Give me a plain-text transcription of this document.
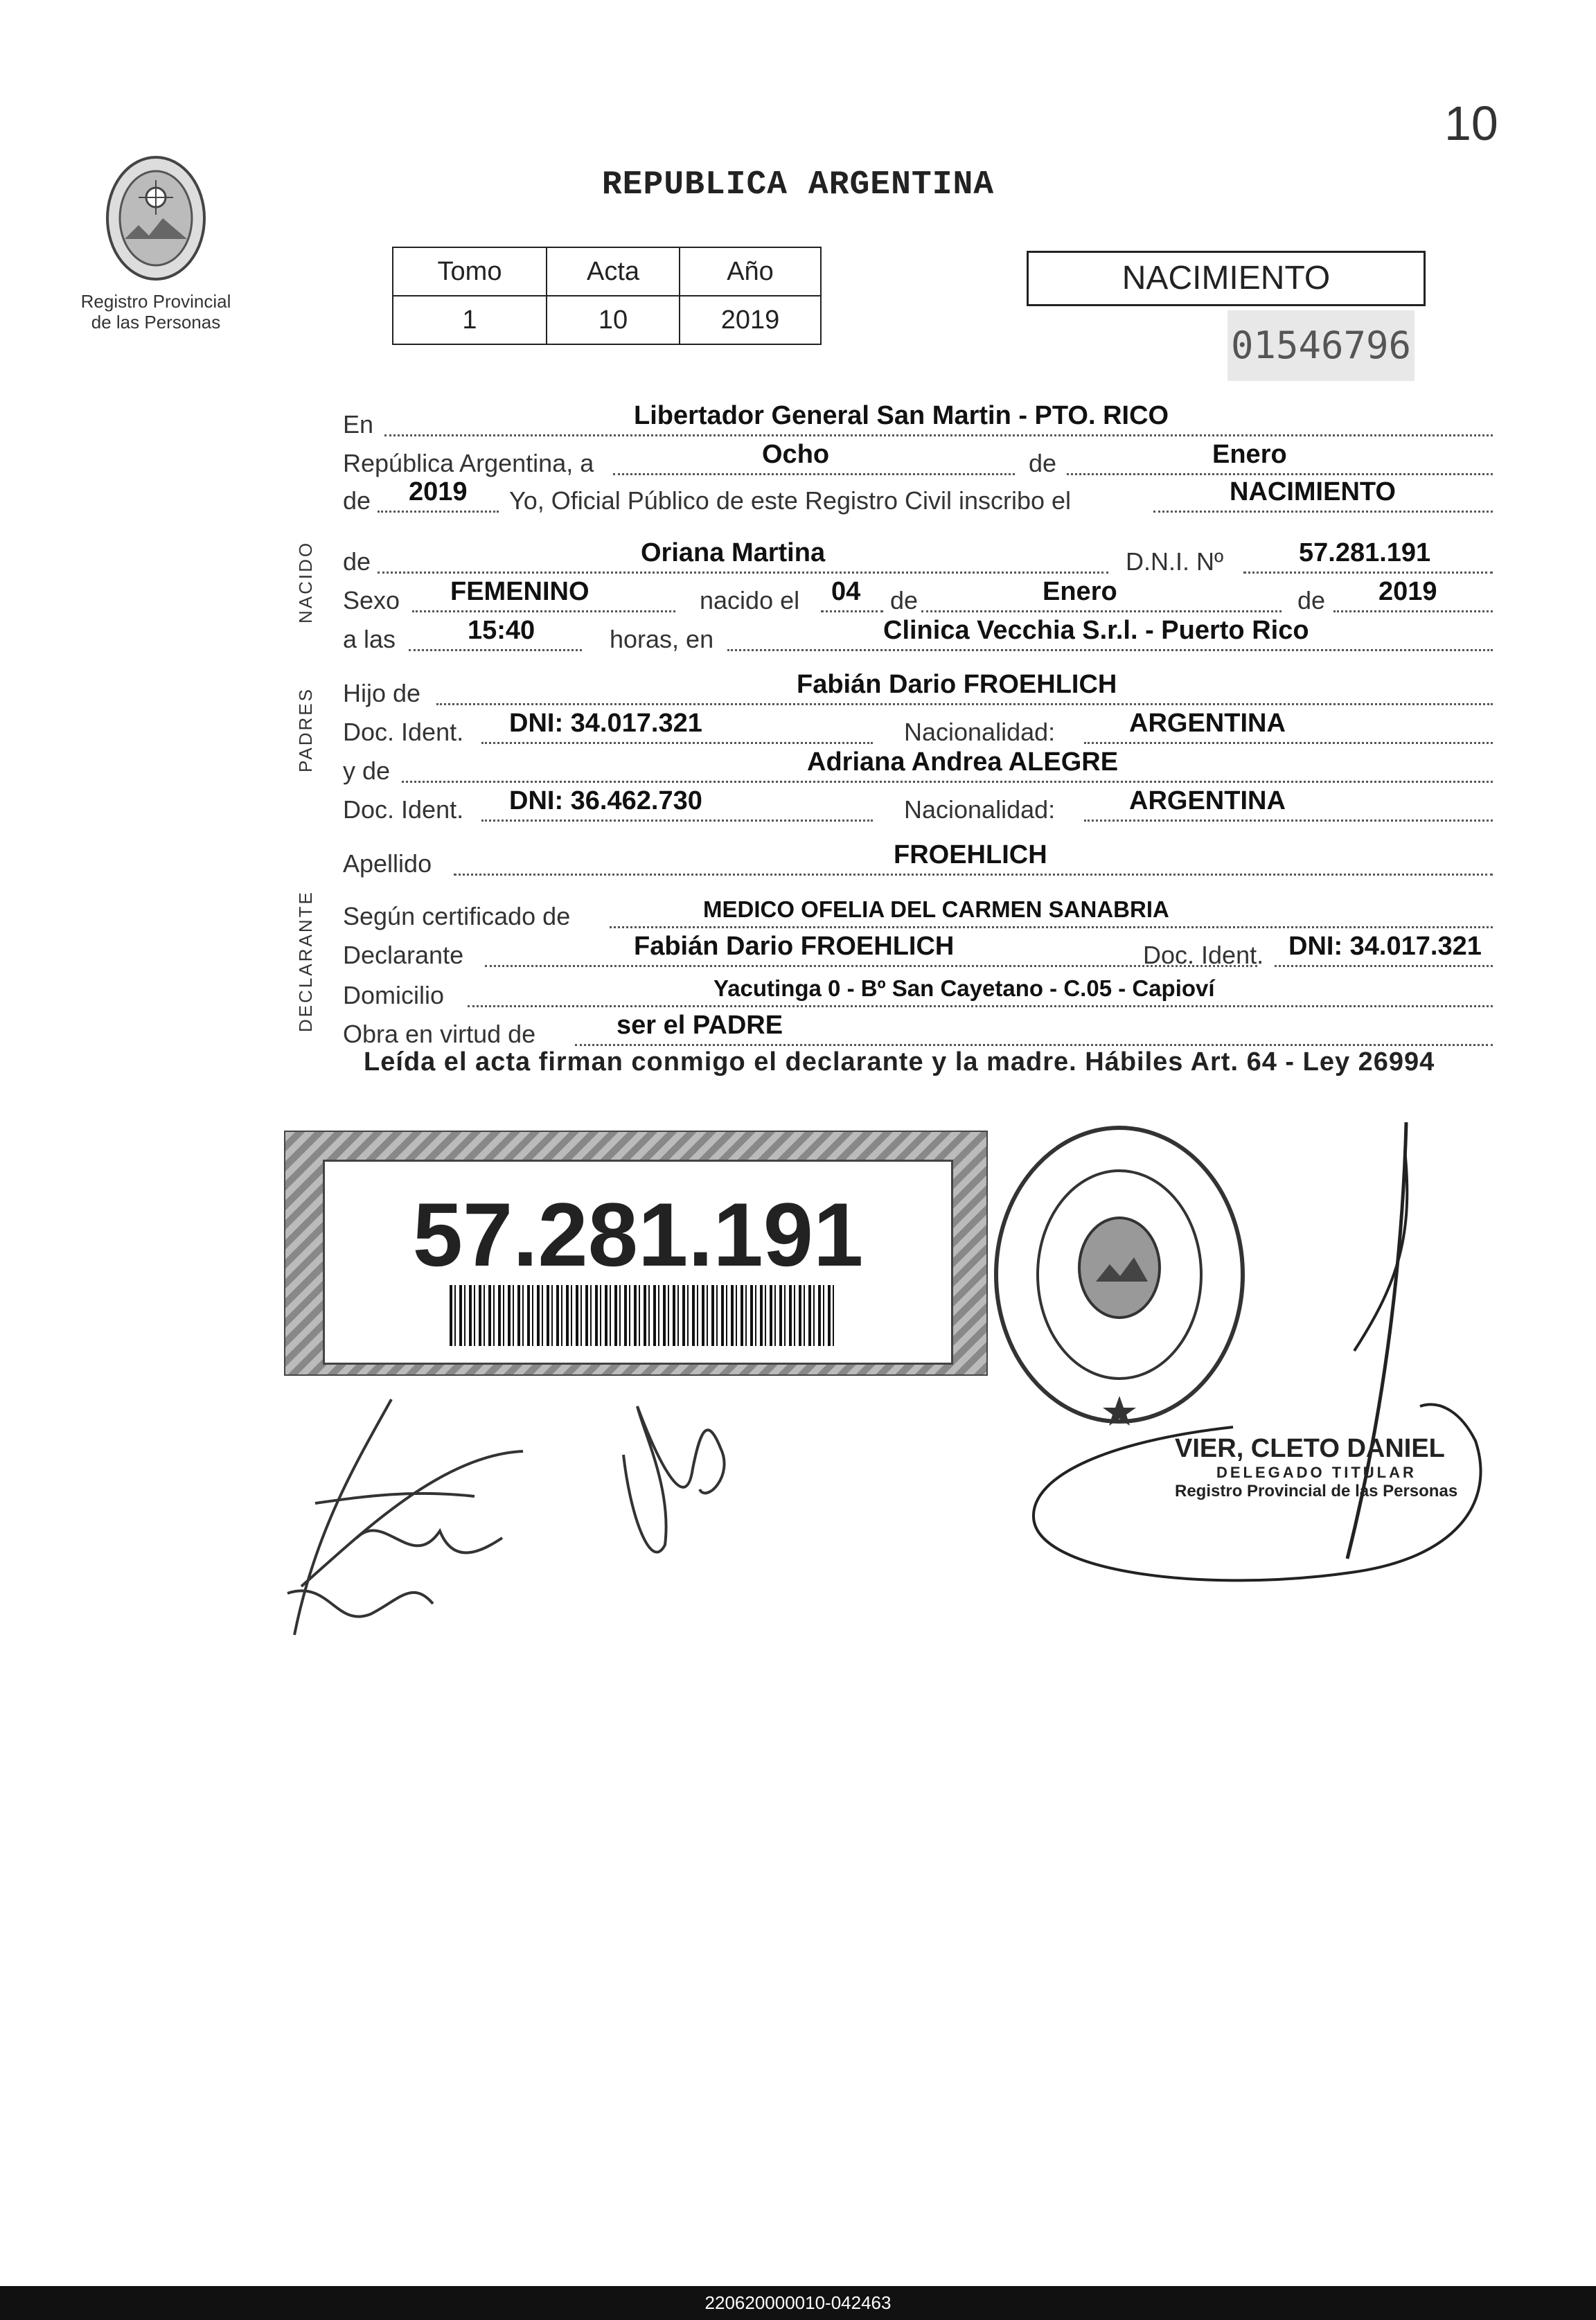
10
Registro Provincial
de las Personas
REPUBLICA ARGENTINA
Tomo	Acta	Año
1	10	2019
NACIMIENTO
01546796
NACIDO
PADRES
DECLARANTE
En	Libertador General San Martin - PTO. RICO
República Argentina, a	Ocho	de	Enero
de 2019 Yo, Oficial Público de este Registro Civil inscribo el	NACIMIENTO
de	Oriana Martina	D.N.I. Nº	57.281.191
Sexo FEMENINO	nacido el 04 de	Enero	de 2019
a las	15:40	horas, en	Clinica Vecchia S.r.l. - Puerto Rico
Hijo de	Fabián Dario FROEHLICH
Doc. Ident. DNI: 34.017.321	Nacionalidad:	ARGENTINA
y de	Adriana Andrea ALEGRE
Doc. Ident. DNI: 36.462.730	Nacionalidad:	ARGENTINA
Apellido	FROEHLICH
Según certificado de	MEDICO OFELIA DEL CARMEN SANABRIA
Declarante	Fabián Dario FROEHLICH	Doc. Ident. DNI: 34.017.321
Domicilio	Yacutinga 0 - Bº San Cayetano - C.05 - Capioví
Obra en virtud de	ser el PADRE
Leída el acta firman conmigo el declarante y la madre. Hábiles Art. 64 - Ley 26994
57.281.191
VIER, CLETO DANIEL
DELEGADO TITULAR
Registro Provincial de las Personas
220620000010-042463
